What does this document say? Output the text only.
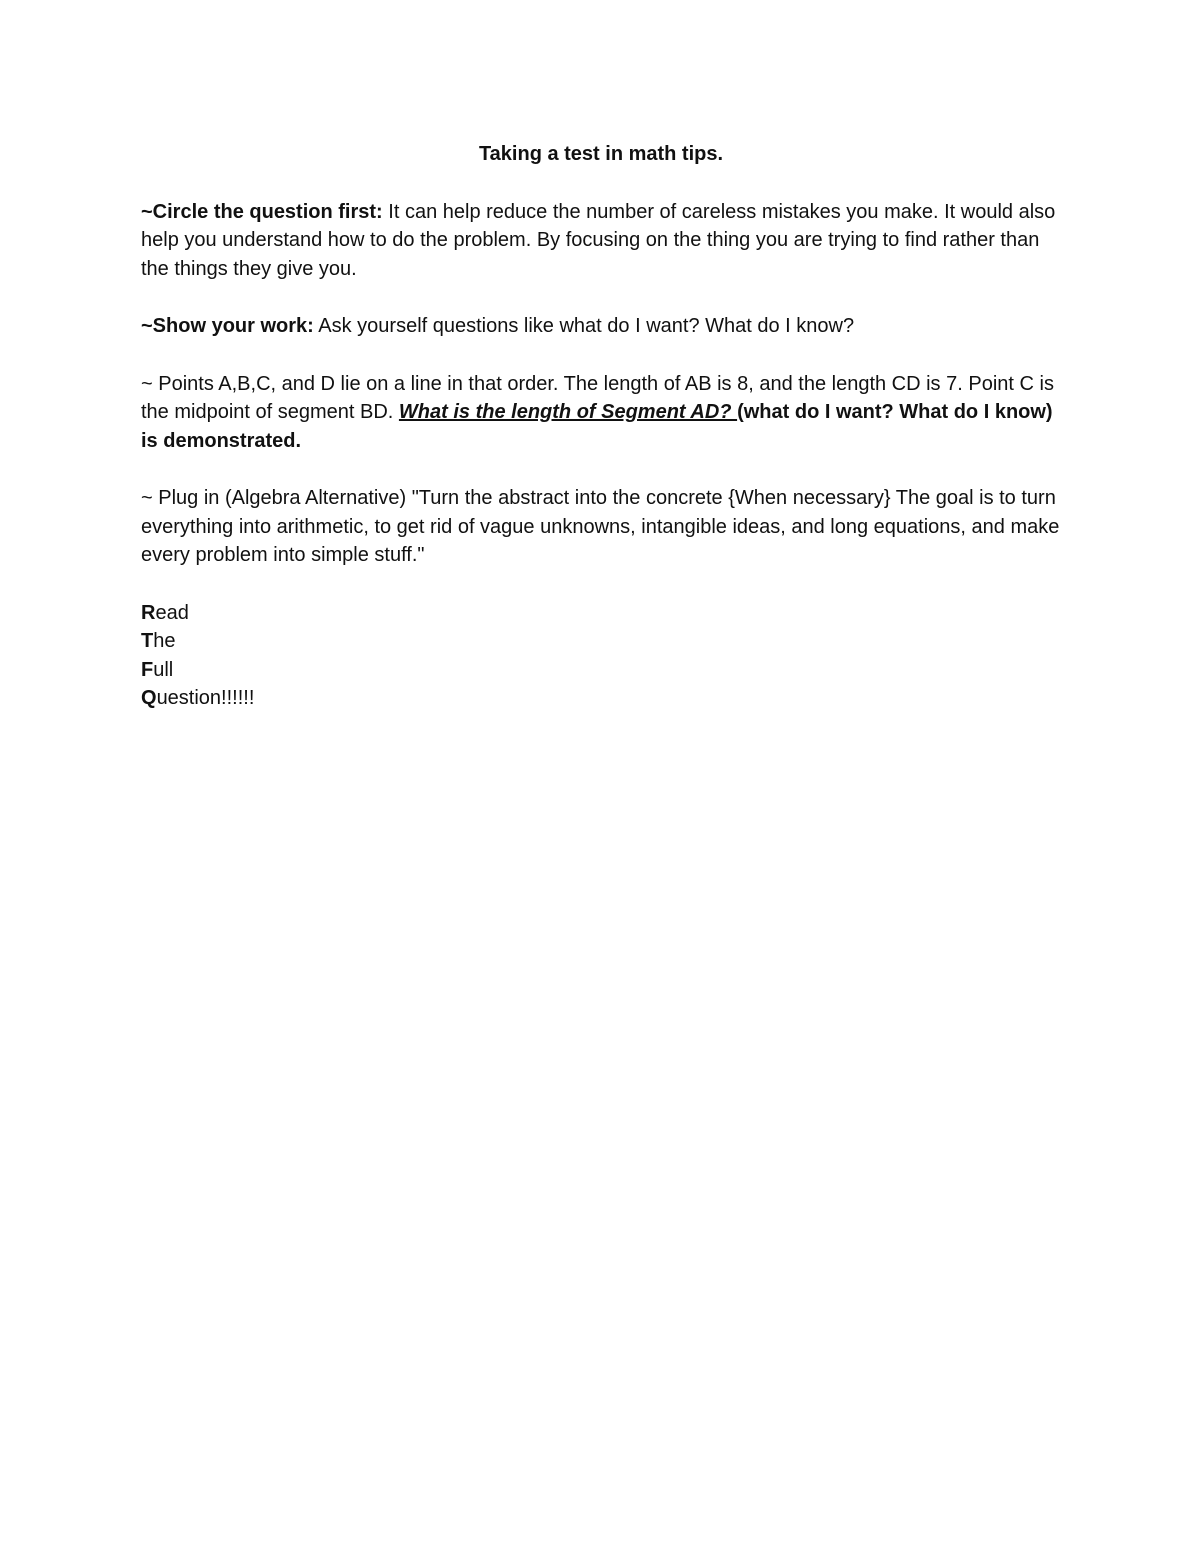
Taking a test in math tips.

~Circle the question first: It can help reduce the number of careless mistakes you make. It would also help you understand how to do the problem. By focusing on the thing you are trying to find rather than the things they give you.

~Show your work: Ask yourself questions like what do I want? What do I know?

~ Points A,B,C, and D lie on a line in that order. The length of AB is 8, and the length CD is 7. Point C is the midpoint of segment BD. What is the length of Segment AD? (what do I want? What do I know) is demonstrated.

~ Plug in (Algebra Alternative) "Turn the abstract into the concrete {When necessary} The goal is to turn everything into arithmetic, to get rid of vague unknowns, intangible ideas, and long equations, and make every problem into simple stuff."

Read

The

Full

Question!!!!!!
